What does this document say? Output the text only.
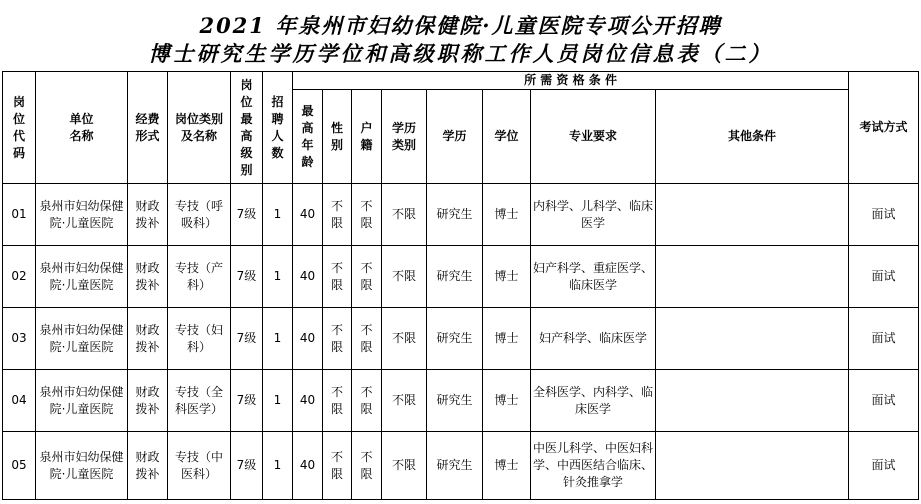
2021 年泉州市妇幼保健院·儿童医院专项公开招聘
博士研究生学历学位和高级职称工作人员岗位信息表（二）
岗位代码	单位名称	经费形式	岗位类别及名称	岗位最高级别	招聘人数	所 需 资 格 条 件								考试方式
						最高年龄	性别	户籍	学历类别	学历	学位	专业要求	其他条件	
01	泉州市妇幼保健院·儿童医院	财政拨补	专技（呼吸科）	7级	1	40	不限	不限	不限	研究生	博士	内科学、儿科学、临床医学		面试
02	泉州市妇幼保健院·儿童医院	财政拨补	专技（产科）	7级	1	40	不限	不限	不限	研究生	博士	妇产科学、重症医学、临床医学		面试
03	泉州市妇幼保健院·儿童医院	财政拨补	专技（妇科）	7级	1	40	不限	不限	不限	研究生	博士	妇产科学、临床医学		面试
04	泉州市妇幼保健院·儿童医院	财政拨补	专技（全科医学）	7级	1	40	不限	不限	不限	研究生	博士	全科医学、内科学、临床医学		面试
05	泉州市妇幼保健院·儿童医院	财政拨补	专技（中医科）	7级	1	40	不限	不限	不限	研究生	博士	中医儿科学、中医妇科学、中西医结合临床、针灸推拿学		面试
